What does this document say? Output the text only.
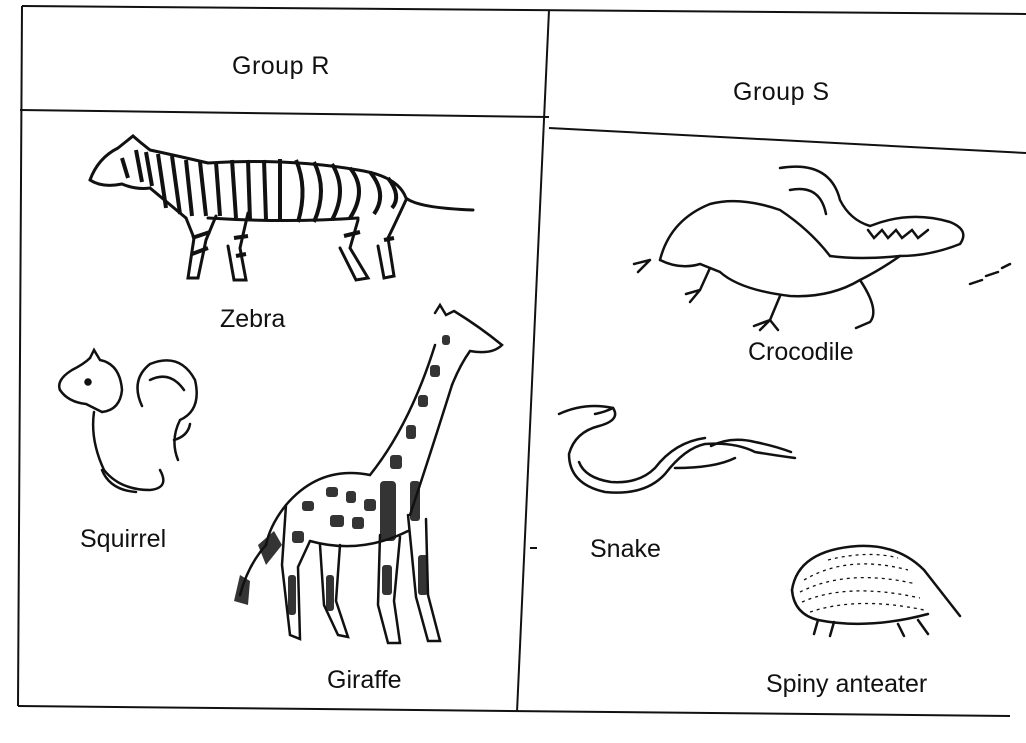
Group R
Group S
Zebra
Squirrel
Giraffe
Crocodile
Snake
Spiny anteater
